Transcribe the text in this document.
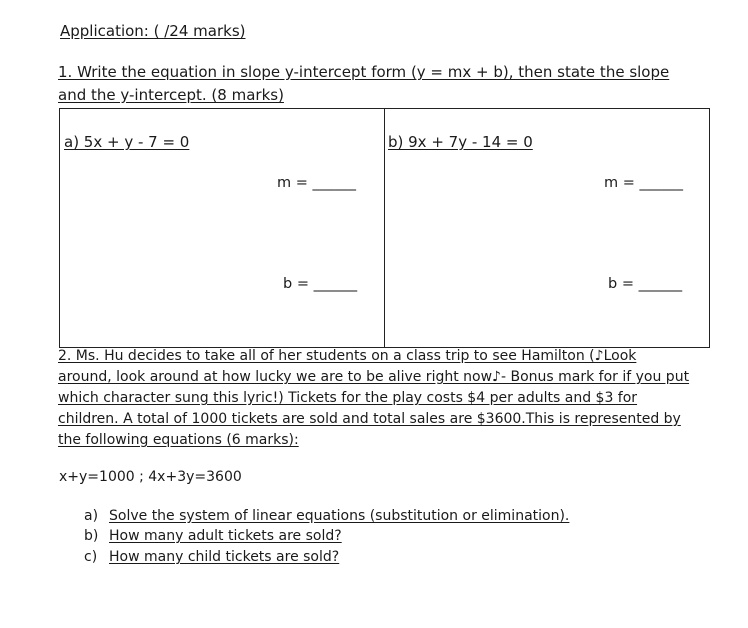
Application: ( /24 marks)
1. Write the equation in slope y-intercept form (y = mx + b), then state the slope
and the y-intercept. (8 marks)
a) 5x + y - 7 = 0
m = ______
b = ______
b) 9x + 7y - 14 = 0
m = ______
b = ______
2. Ms. Hu decides to take all of her students on a class trip to see Hamilton (♪Look
around, look around at how lucky we are to be alive right now♪- Bonus mark for if you put
which character sung this lyric!) Tickets for the play costs $4 per adults and $3 for
children. A total of 1000 tickets are sold and total sales are $3600.This is represented by
the following equations (6 marks):
x+y=1000 ; 4x+3y=3600
a) Solve the system of linear equations (substitution or elimination).
b) How many adult tickets are sold?
c) How many child tickets are sold?
